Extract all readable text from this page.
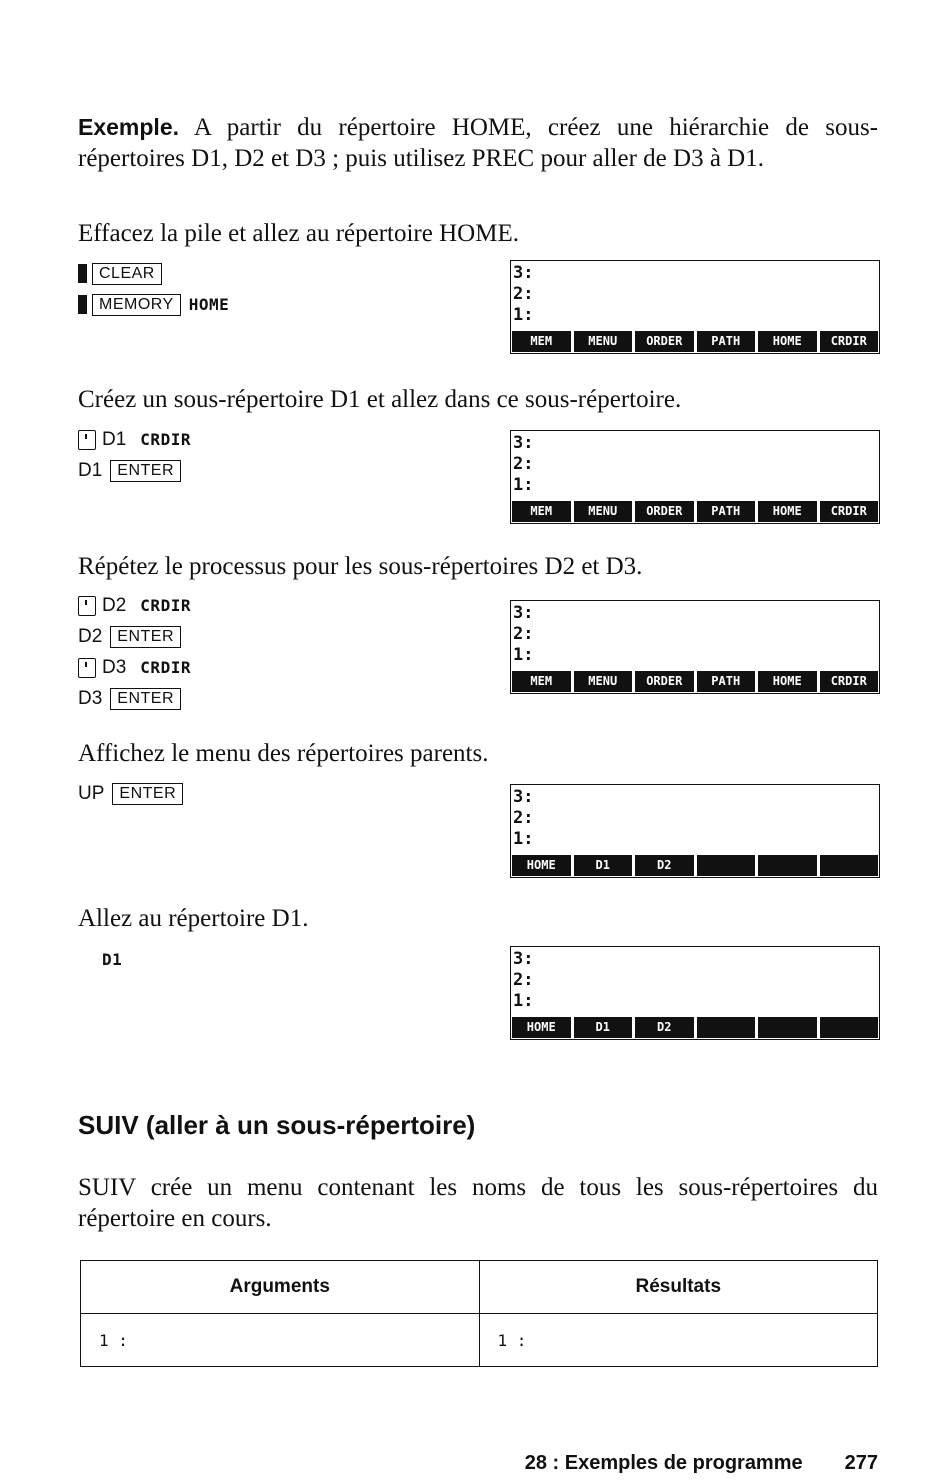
Exemple. A partir du répertoire HOME, créez une hiérarchie de sous-répertoires D1, D2 et D3 ; puis utilisez PREC pour aller de D3 à D1.

Effacez la pile et allez au répertoire HOME.

CLEAR
MEMORY HOME
3:
2:
1:
MEM	MENU	ORDER	PATH	HOME	CRDIR

Créez un sous-répertoire D1 et allez dans ce sous-répertoire.

D1 CRDIR
D1 ENTER
3:
2:
1:
MEM	MENU	ORDER	PATH	HOME	CRDIR

Répétez le processus pour les sous-répertoires D2 et D3.

D2 CRDIR
D2 ENTER
D3 CRDIR
D3 ENTER
3:
2:
1:
MEM	MENU	ORDER	PATH	HOME	CRDIR

Affichez le menu des répertoires parents.

UP ENTER	3:
2:
1:
HOME	D1	D2

Allez au répertoire D1.

D1	3:
2:
1:
HOME	D1	D2
SUIV (aller à un sous-répertoire)

SUIV crée un menu contenant les noms de tous les sous-répertoires du répertoire en cours.

Arguments	Résultats
1 :	1 :
28 : Exemples de programme 277
